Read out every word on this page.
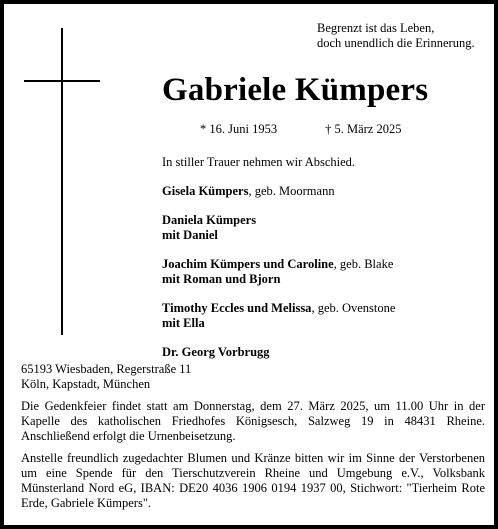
Begrenzt ist das Leben,
doch unendlich die Erinnerung.
Gabriele Kümpers
* 16. Juni 1953	† 5. März 2025
In stiller Trauer nehmen wir Abschied.
Gisela Kümpers, geb. Moormann
Daniela Kümpers
mit Daniel
Joachim Kümpers und Caroline, geb. Blake
mit Roman und Bjorn
Timothy Eccles und Melissa, geb. Ovenstone
mit Ella
Dr. Georg Vorbrugg
65193 Wiesbaden, Regerstraße 11
Köln, Kapstadt, München
Die Gedenkfeier findet statt am Donnerstag, dem 27. März 2025, um 11.00 Uhr in der Kapelle des katholischen Friedhofes Königsesch, Salzweg 19 in 48431 Rheine. Anschließend erfolgt die Urnenbeisetzung.
Anstelle freundlich zugedachter Blumen und Kränze bitten wir im Sinne der Verstorbenen um eine Spende für den Tierschutzverein Rheine und Umgebung e.V., Volksbank Münsterland Nord eG, IBAN: DE20 4036 1906 0194 1937 00, Stichwort: "Tierheim Rote Erde, Gabriele Kümpers".
